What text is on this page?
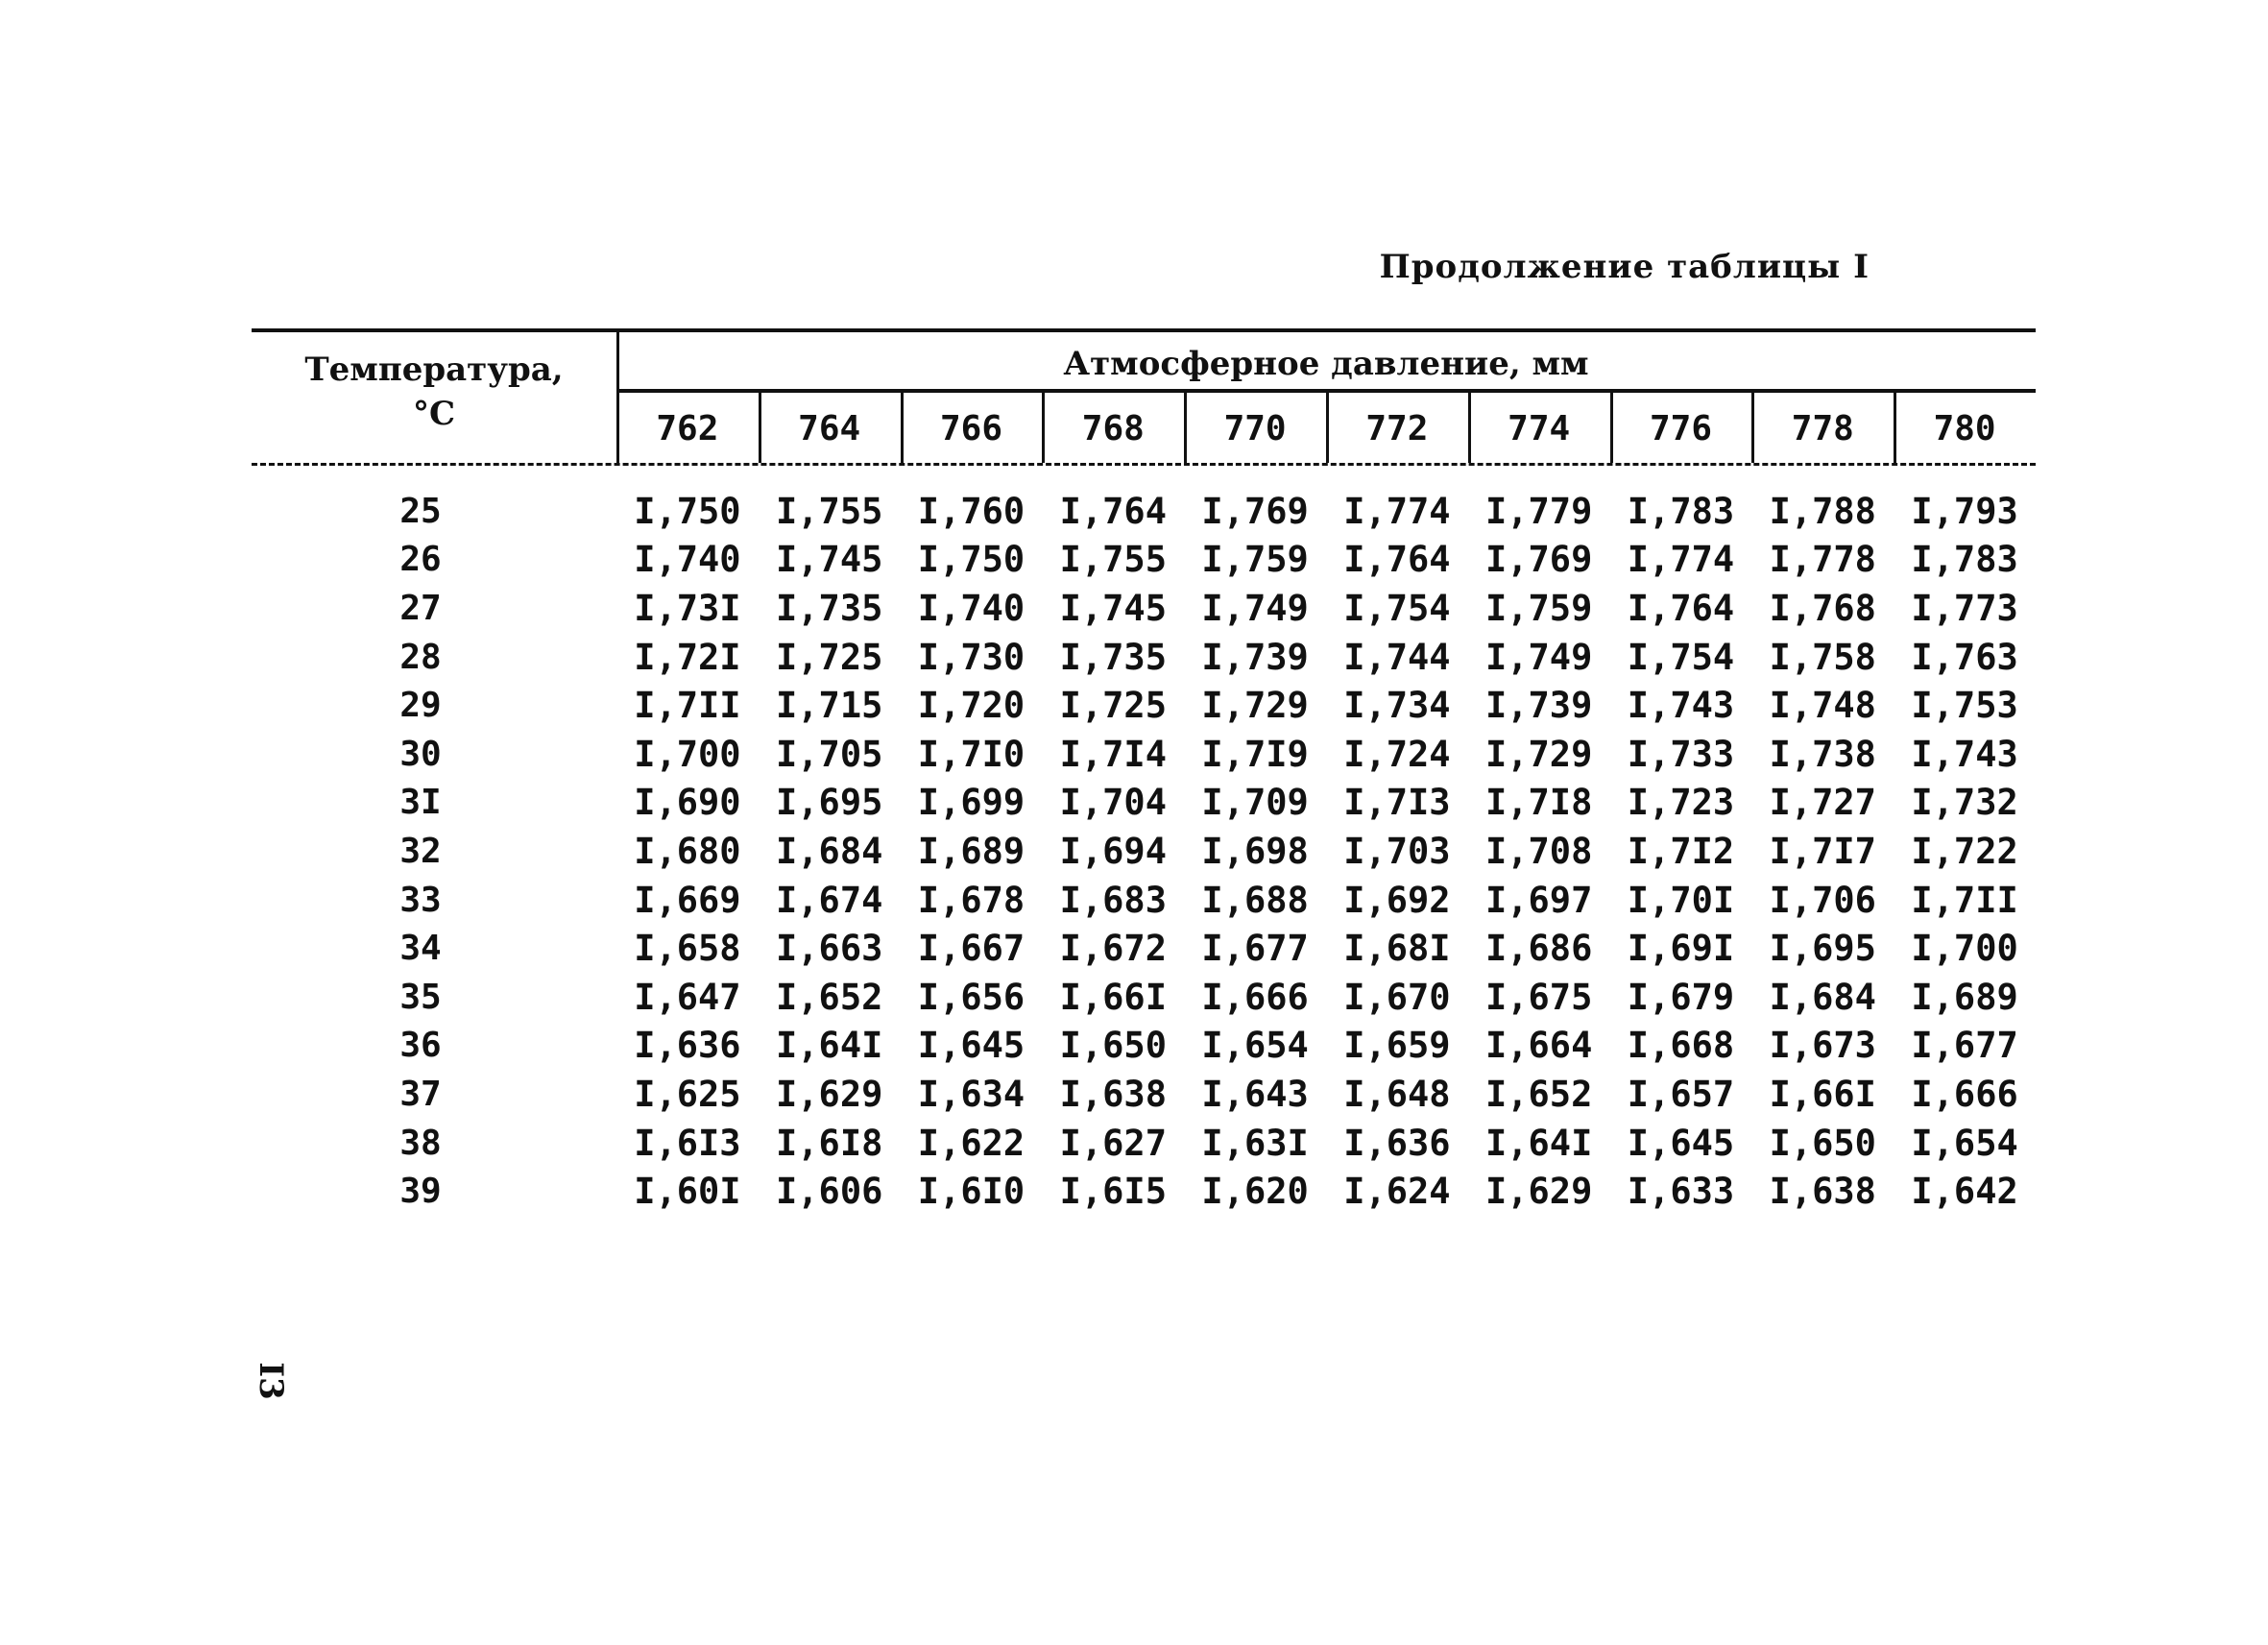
Продолжение таблицы I
Температура,
°C
Атмосферное давление, мм
762	764	766	768	770	772	774	776	778	780
25	I,750 I,755 I,760 I,764 I,769 I,774 I,779 I,783 I,788 I,793
26	I,740 I,745 I,750 I,755 I,759 I,764 I,769 I,774 I,778 I,783
27	I,73I I,735 I,740 I,745 I,749 I,754 I,759 I,764 I,768 I,773
28	I,72I I,725 I,730 I,735 I,739 I,744 I,749 I,754 I,758 I,763
29	I,7II I,715 I,720 I,725 I,729 I,734 I,739 I,743 I,748 I,753
30	I,700 I,705 I,7I0 I,7I4 I,7I9 I,724 I,729 I,733 I,738 I,743
3I	I,690 I,695 I,699 I,704 I,709 I,7I3 I,7I8 I,723 I,727 I,732
32	I,680 I,684 I,689 I,694 I,698 I,703 I,708 I,7I2 I,7I7 I,722
33	I,669 I,674 I,678 I,683 I,688 I,692 I,697 I,70I I,706 I,7II
34	I,658 I,663 I,667 I,672 I,677 I,68I I,686 I,69I I,695 I,700
35	I,647 I,652 I,656 I,66I I,666 I,670 I,675 I,679 I,684 I,689
36	I,636 I,64I I,645 I,650 I,654 I,659 I,664 I,668 I,673 I,677
37	I,625 I,629 I,634 I,638 I,643 I,648 I,652 I,657 I,66I I,666
38	I,6I3 I,6I8 I,622 I,627 I,63I I,636 I,64I I,645 I,650 I,654
39	I,60I I,606 I,6I0 I,6I5 I,620 I,624 I,629 I,633 I,638 I,642
I3
